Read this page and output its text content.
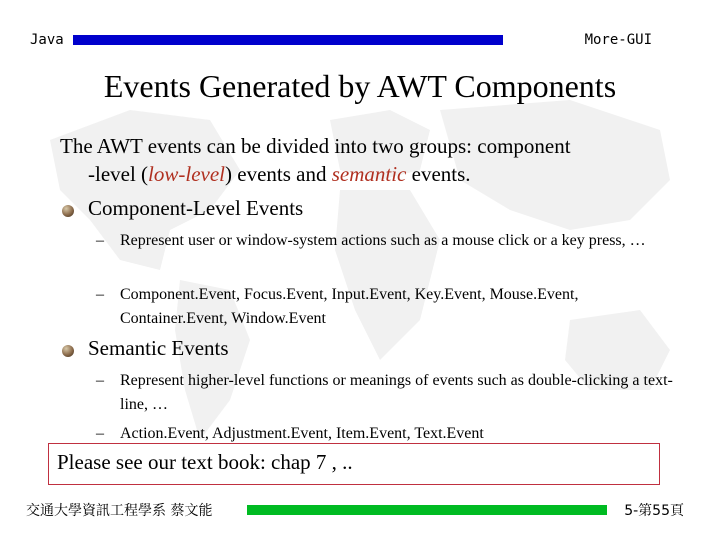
Java	More-GUI
Events Generated by AWT Components
The AWT events can be divided into two groups: component
-level (low-level) events and semantic events.
Component-Level Events
–	Represent user or window-system actions such as a mouse click or a key press, …
–	Component.Event, Focus.Event, Input.Event, Key.Event, Mouse.Event, Container.Event, Window.Event
Semantic Events
–	Represent higher-level functions or meanings of events such as double-clicking a text-line, …
–	Action.Event, Adjustment.Event, Item.Event, Text.Event
Please see our text book: chap 7 , ..
交通大學資訊工程學系 蔡文能	5-第55頁
